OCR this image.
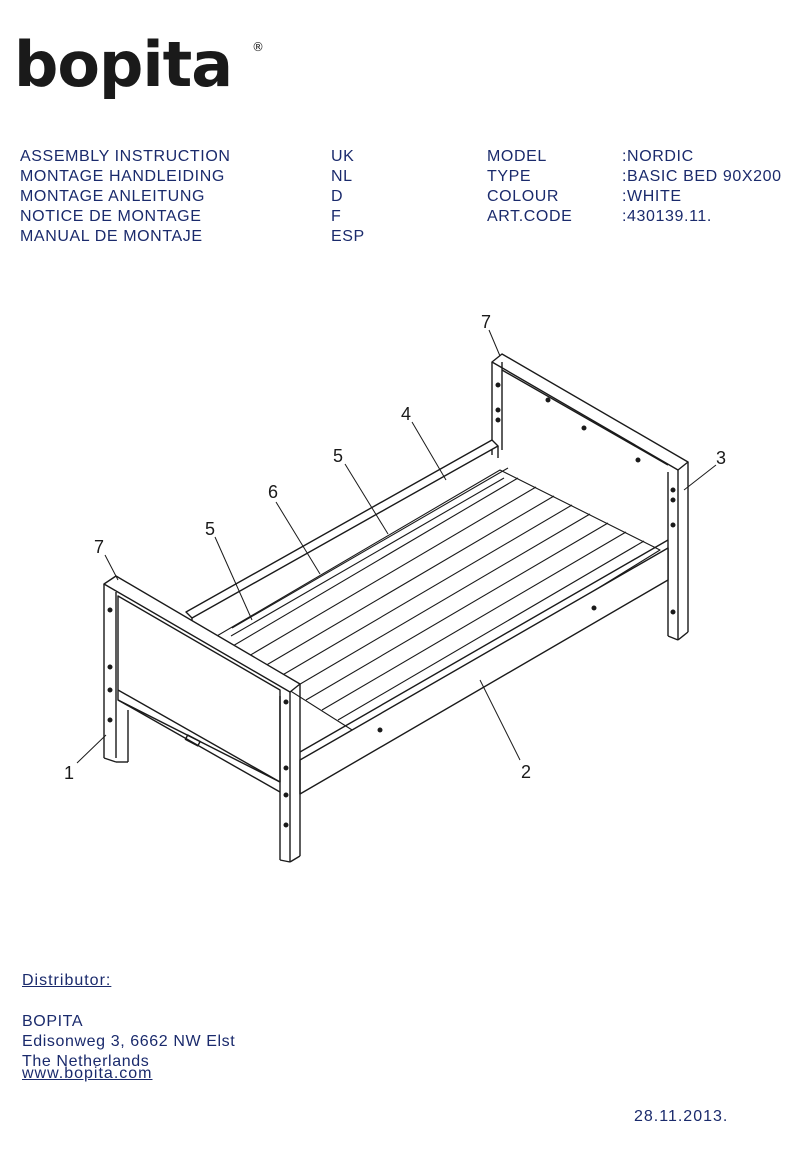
bopita ®
ASSEMBLY INSTRUCTION
MONTAGE HANDLEIDING
MONTAGE ANLEITUNG
NOTICE DE MONTAGE
MANUAL DE MONTAJE
UK
NL
D
F
ESP
MODEL
TYPE
COLOUR
ART.CODE
:NORDIC
:BASIC BED 90X200
:WHITE
:430139.11.
7
4
5
6
5
7
3
1	2
Distributor:
BOPITA
Edisonweg 3, 6662 NW Elst
The Netherlands
www.bopita.com
28.11.2013.
